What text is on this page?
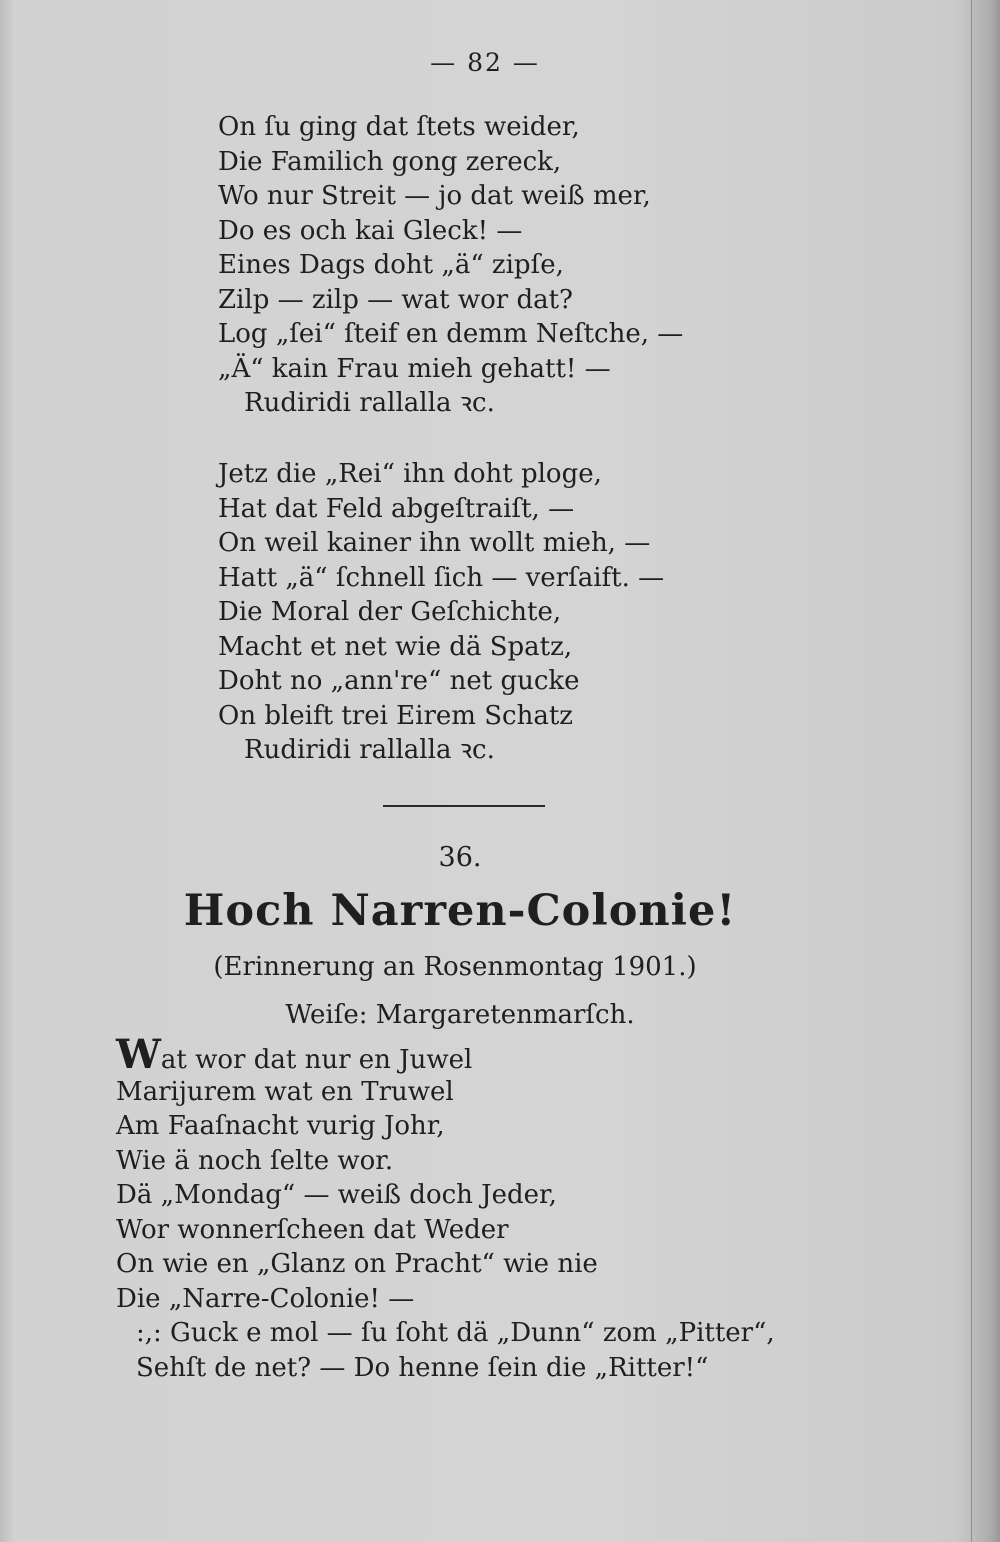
— 82 —
On ſu ging dat ſtets weider,
Die Familich gong zereck,
Wo nur Streit — jo dat weiß mer,
Do es och kai Gleck! —
Eines Dags doht „ä“ zipſe,
Zilp — zilp — wat wor dat?
Log „ſei“ ſteif en demm Neſtche, —
„Ä“ kain Frau mieh gehatt! —
Rudiridi rallalla ꝛc.
Jetz die „Rei“ ihn doht ploge,
Hat dat Feld abgeſtraiſt, —
On weil kainer ihn wollt mieh, —
Hatt „ä“ ſchnell ſich — verſaift. —
Die Moral der Geſchichte,
Macht et net wie dä Spatz,
Doht no „ann're“ net gucke
On bleift trei Eirem Schatz
Rudiridi rallalla ꝛc.
36.
Hoch Narren-Colonie!
(Erinnerung an Rosenmontag 1901.)
Weiſe: Margaretenmarſch.
Wat wor dat nur en Juwel
Marijurem wat en Truwel
Am Faaſnacht vurig Johr,
Wie ä noch ſelte wor.
Dä „Mondag“ — weiß doch Jeder,
Wor wonnerſcheen dat Weder
On wie en „Glanz on Pracht“ wie nie
Die „Narre-Colonie! —
:,: Guck e mol — ſu ſoht dä „Dunn“ zom „Pitter“,
Sehſt de net? — Do henne ſein die „Ritter!“
